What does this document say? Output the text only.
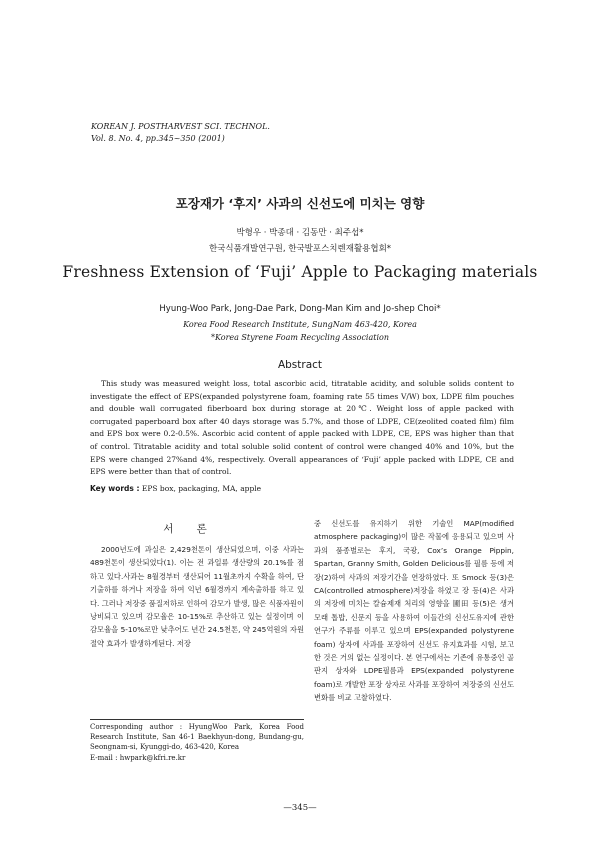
KOREAN J. POSTHARVEST SCI. TECHNOL.
Vol. 8. No. 4, pp.345~350 (2001)
포장재가 ‘후지’ 사과의 신선도에 미치는 영향
박형우 · 박종대 · 김동만 · 최주섭*
한국식품개발연구원, 한국발포스치렌재활용협회*
Freshness Extension of ‘Fuji’ Apple to Packaging materials
Hyung-Woo Park, Jong-Dae Park, Dong-Man Kim and Jo-shep Choi*
Korea Food Research Institute, SungNam 463-420, Korea
*Korea Styrene Foam Recycling Association
Abstract
This study was measured weight loss, total ascorbic acid, titratable acidity, and soluble solids content to investigate the effect of EPS(expanded polystyrene foam, foaming rate 55 times V/W) box, LDPE film pouches and double wall corrugated fiberboard box during storage at 20℃. Weight loss of apple packed with corrugated paperboard box after 40 days storage was 5.7%, and those of LDPE, CE(zeolited coated film) film and EPS box were 0.2-0.5%. Ascorbic acid content of apple packed with LDPE, CE, EPS was higher than that of control. Titratable acidity and total soluble solid content of control were changed 40% and 10%, but the EPS were changed 27%and 4%, respectively. Overall appearances of ‘Fuji’ apple packed with LDPE, CE and EPS were better than that of control.
Key words : EPS box, packaging, MA, apple
서 론
2000년도에 과실은 2,429천톤이 생산되었으며, 이중 사과는 489천톤이 생산되었다(1). 이는 전 과일류 생산량의 20.1%를 점하고 있다.사과는 8월경부터 생산되어 11월초까지 수확을 하여, 단기출하를 하거나 저장을 하여 익년 6월경까지 계속출하를 하고 있다. 그러나 저장중 품질저하로 인하여 감모가 발생, 많은 식품자원이 낭비되고 있으며 감모율은 10-15%로 추산하고 있는 실정이며 이 감모율을 5-10%로만 낮추어도 년간 24.5천톤, 약 245억원의 자원절약 효과가 발생하게된다. 저장
중 신선도를 유지하기 위한 기술인 MAP(modified atmosphere packaging)이 많은 작물에 응용되고 있으며 사과의 품종별로는 후지, 국광, Cox’s Orange Pippin, Spartan, Granny Smith, Golden Delicious를 필름 등에 저장(2)하여 사과의 저장기간을 연장하였다. 또 Smock 등(3)은 CA(controlled atmosphere)저장을 하였고 장 등(4)은 사과의 저장에 미치는 칼슘제재 처리의 영향을 圃田 등(5)은 생겨 모래 톱밥, 신문지 등을 사용하여 이들간의 신선도유지에 관한 연구가 주류를 이루고 있으며 EPS(expanded polystyrene foam) 상자에 사과를 포장하여 신선도 유지효과를 시험, 보고한 것은 거의 없는 실정이다. 본 연구에서는 기존에 유통중인 골판지 상자와 LDPE필름과 EPS(expanded polystyrene foam)로 개발한 포장 상자로 사과를 포장하여 저장중의 신선도 변화를 비교 고찰하였다.
Corresponding author : HyungWoo Park, Korea Food Research Institute, San 46-1 Baekhyun-dong, Bundang-gu, Seongnam-si, Kyunggi-do, 463-420, Korea
E-mail : hwpark@kfri.re.kr
—345—
